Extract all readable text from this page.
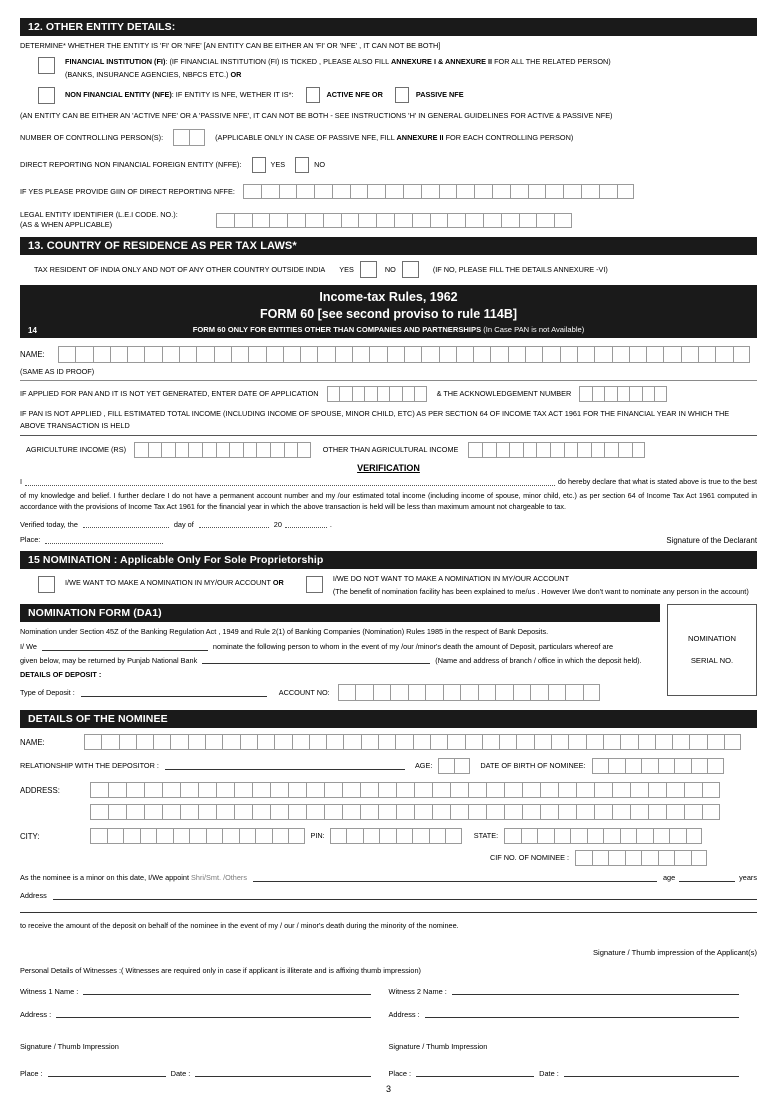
12. OTHER ENTITY DETAILS:
DETERMINE* WHETHER THE ENTITY IS 'FI' OR 'NFE' [AN ENTITY CAN BE EITHER AN 'FI' OR 'NFE' , IT CAN NOT BE BOTH]
FINANCIAL INSTITUTION (FI): (IF FINANCIAL INSTITUTION (FI) IS TICKED , PLEASE ALSO FILL ANNEXURE I & ANNEXURE II FOR ALL THE RELATED PERSON)
(BANKS, INSURANCE AGENCIES, NBFCS ETC.) OR
NON FINANCIAL ENTITY (NFE) : IF ENTITY IS NFE, WETHER IT IS*:	ACTIVE NFE OR	PASSIVE NFE
(AN ENTITY CAN BE EITHER AN 'ACTIVE NFE' OR A 'PASSIVE NFE', IT CAN NOT BE BOTH - SEE INSTRUCTIONS 'H' IN GENERAL GUIDELINES FOR ACTIVE & PASSIVE NFE)
NUMBER OF CONTROLLING PERSON(S):	(APPLICABLE ONLY IN CASE OF PASSIVE NFE, FILL ANNEXURE II FOR EACH CONTROLLING PERSON)
DIRECT REPORTING NON FINANCIAL FOREIGN ENTITY (NFFE):	YES	NO
IF YES PLEASE PROVIDE GIIN OF DIRECT REPORTING NFFE:
LEGAL ENTITY IDENTIFIER (L.E.I CODE. NO.):
(AS & WHEN APPLICABLE)
13. COUNTRY OF RESIDENCE AS PER TAX LAWS*
TAX RESIDENT OF INDIA ONLY AND NOT OF ANY OTHER COUNTRY OUTSIDE INDIA YES	NO	(IF NO, PLEASE FILL THE DETAILS ANNEXURE -VI)
Income-tax Rules, 1962
FORM 60 [see second proviso to rule 114B]
FORM 60 ONLY FOR ENTITIES OTHER THAN COMPANIES AND PARTNERSHIPS (In Case PAN is not Available)
14
NAME:
(SAME AS ID PROOF)
IF APPLIED FOR PAN AND IT IS NOT YET GENERATED, ENTER DATE OF APPLICATION	& THE ACKNOWLEDGEMENT NUMBER
IF PAN IS NOT APPLIED , FILL ESTIMATED TOTAL INCOME (INCLUDING INCOME OF SPOUSE, MINOR CHILD, ETC) AS PER SECTION 64 OF INCOME TAX ACT 1961 FOR THE FINANCIAL YEAR IN WHICH THE
ABOVE TRANSACTION IS HELD
AGRICULTURE INCOME (RS)	OTHER THAN AGRICULTURAL INCOME
VERIFICATION
I	do hereby declare that what is stated above is true to the best
of my knowledge and belief. I further declare I do not have a permanent account number and my /our estimated total income (including income of spouse, minor child, etc.) as per section 64 of Income Tax Act 1961 computed in accordance with the provisions of Income Tax Act 1961 for the financial year in which the above transaction is held will be less than maximum amount not chargeable to tax.
Verified today, the	day of	20	.
Place:	Signature of the Declarant
15 NOMINATION : Applicable Only For Sole Proprietorship
I/WE WANT TO MAKE A NOMINATION IN MY/OUR ACCOUNT OR	I/WE DO NOT WANT TO MAKE A NOMINATION IN MY/OUR ACCOUNT
(The benefit of nomination facility has been explained to me/us . However I/we don't want to nominate any person in the account)
NOMINATION FORM (DA1)
NOMINATION
SERIAL NO.
Nomination under Section 45Z of the Banking Regulation Act , 1949 and Rule 2(1) of Banking Companies (Nomination) Rules 1985 in the respect of Bank Deposits.
I/ We	nominate the following person to whom in the event of my /our /minor's death the amount of Deposit, particulars whereof are
given below, may be returned by Punjab National Bank	(Name and address of branch / office in which the deposit held).
DETAILS OF DEPOSIT :
Type of Deposit :	ACCOUNT NO:
DETAILS OF THE NOMINEE
NAME:
RELATIONSHIP WITH THE DEPOSITOR :	AGE:	DATE OF BIRTH OF NOMINEE:
ADDRESS:
CITY:	PIN:	STATE:
CIF NO. OF NOMINEE :
As the nominee is a minor on this date, I/We appoint Shri/Smt. /Others	age	years
Address
to receive the amount of the deposit on behalf of the nominee in the event of my / our / minor's death during the minority of the nominee.
Signature / Thumb impression of the Applicant(s)
Personal Details of Witnesses :( Witnesses are required only in case if applicant is illiterate and is affixing thumb impression)
Witness 1 Name :	Witness 2 Name :
Address :	Address :
Signature / Thumb Impression	Signature / Thumb Impression
Place :	Date :	Place :	Date :
3
